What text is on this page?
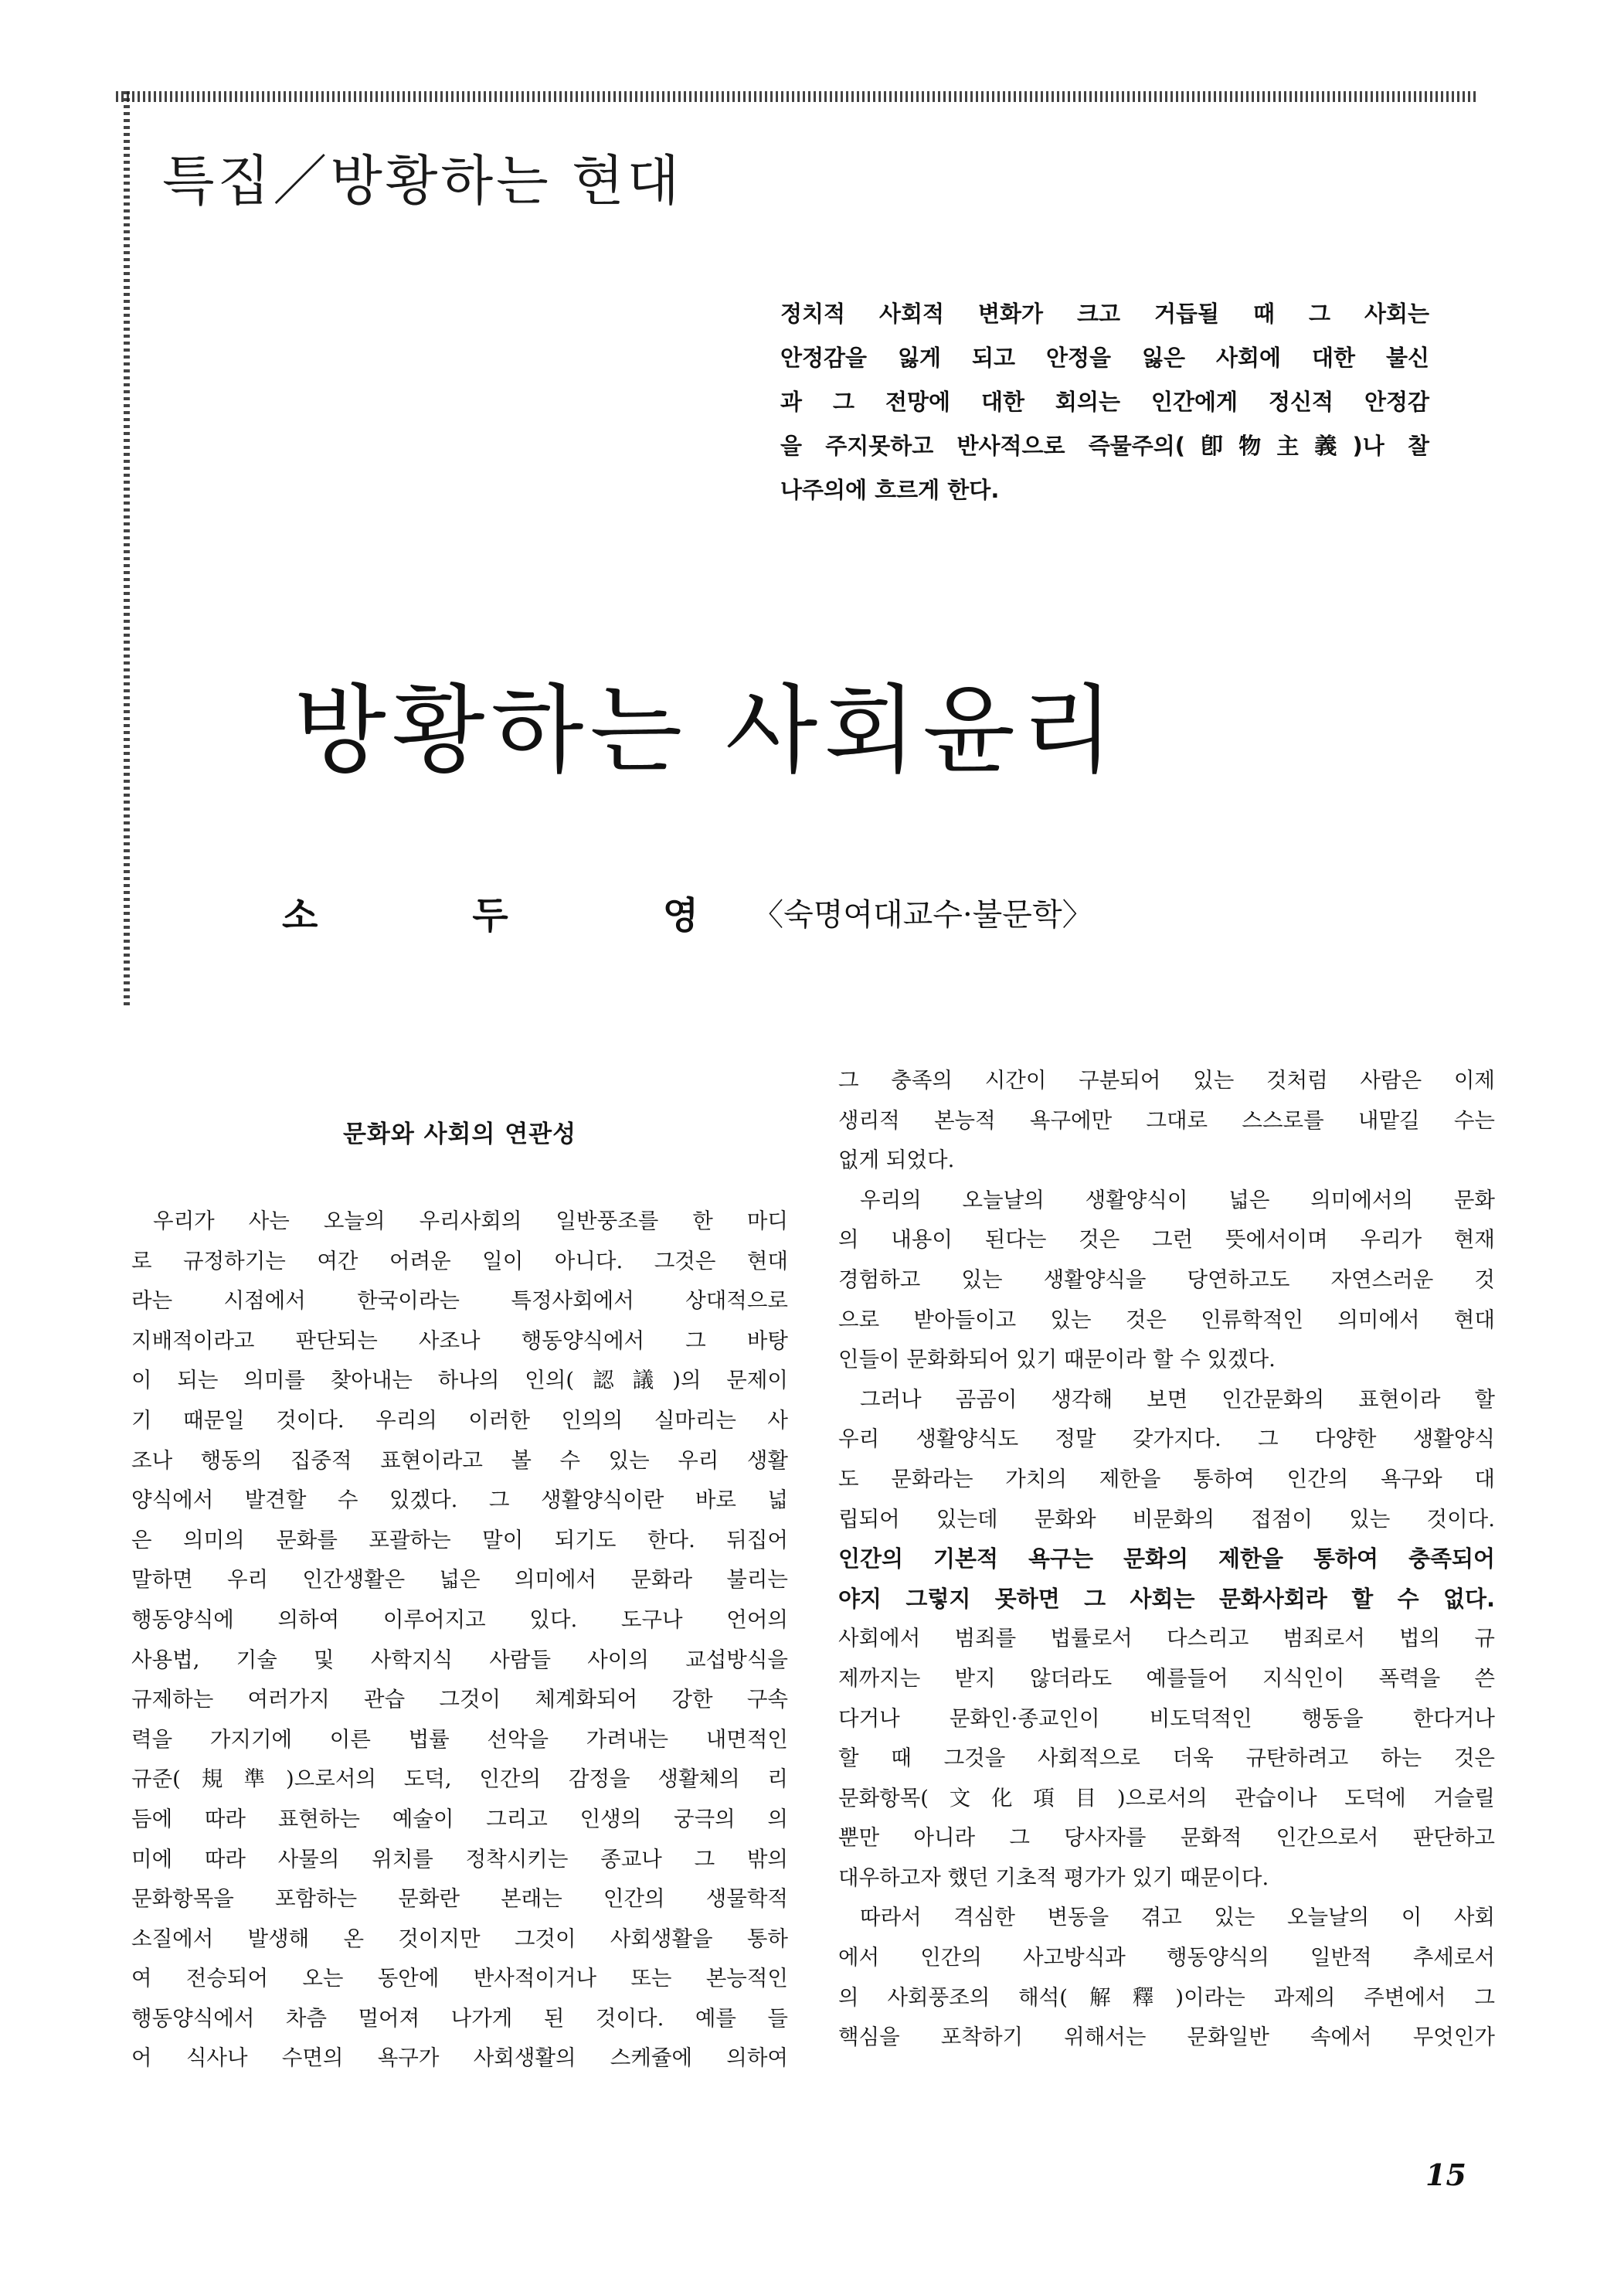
특집／방황하는 현대
정치적 사회적 변화가 크고 거듭될 때 그 사회는
안정감을 잃게 되고 안정을 잃은 사회에 대한 불신
과 그 전망에 대한 회의는 인간에게 정신적 안정감
을 주지못하고 반사적으로 즉물주의(卽物主義)나 찰
나주의에 흐르게 한다.
방황하는 사회윤리
소두영
〈숙명여대교수·불문학〉
문화와 사회의 연관성
우리가 사는 오늘의 우리사회의 일반풍조를 한 마디
로 규정하기는 여간 어려운 일이 아니다. 그것은 현대
라는 시점에서 한국이라는 특정사회에서 상대적으로
지배적이라고 판단되는 사조나 행동양식에서 그 바탕
이 되는 의미를 찾아내는 하나의 인의(認議)의 문제이
기 때문일 것이다. 우리의 이러한 인의의 실마리는 사
조나 행동의 집중적 표현이라고 볼 수 있는 우리 생활
양식에서 발견할 수 있겠다. 그 생활양식이란 바로 넓
은 의미의 문화를 포괄하는 말이 되기도 한다. 뒤집어
말하면 우리 인간생활은 넓은 의미에서 문화라 불리는
행동양식에 의하여 이루어지고 있다. 도구나 언어의
사용법, 기술 및 사학지식 사람들 사이의 교섭방식을
규제하는 여러가지 관습 그것이 체계화되어 강한 구속
력을 가지기에 이른 법률 선악을 가려내는 내면적인
규준(規準)으로서의 도덕, 인간의 감정을 생활체의 리
듬에 따라 표현하는 예술이 그리고 인생의 궁극의 의
미에 따라 사물의 위치를 정착시키는 종교나 그 밖의
문화항목을 포함하는 문화란 본래는 인간의 생물학적
소질에서 발생해 온 것이지만 그것이 사회생활을 통하
여 전승되어 오는 동안에 반사적이거나 또는 본능적인
행동양식에서 차츰 멀어져 나가게 된 것이다. 예를 들
어 식사나 수면의 욕구가 사회생활의 스케쥴에 의하여
그 충족의 시간이 구분되어 있는 것처럼 사람은 이제
생리적 본능적 욕구에만 그대로 스스로를 내맡길 수는
없게 되었다.
우리의 오늘날의 생활양식이 넓은 의미에서의 문화
의 내용이 된다는 것은 그런 뜻에서이며 우리가 현재
경험하고 있는 생활양식을 당연하고도 자연스러운 것
으로 받아들이고 있는 것은 인류학적인 의미에서 현대
인들이 문화화되어 있기 때문이라 할 수 있겠다.
그러나 곰곰이 생각해 보면 인간문화의 표현이라 할
우리 생활양식도 정말 갖가지다. 그 다양한 생활양식
도 문화라는 가치의 제한을 통하여 인간의 욕구와 대
립되어 있는데 문화와 비문화의 접점이 있는 것이다.
인간의 기본적 욕구는 문화의 제한을 통하여 충족되어
야지 그렇지 못하면 그 사회는 문화사회라 할 수 없다.
사회에서 범죄를 법률로서 다스리고 범죄로서 법의 규
제까지는 받지 않더라도 예를들어 지식인이 폭력을 쓴
다거나 문화인·종교인이 비도덕적인 행동을 한다거나
할 때 그것을 사회적으로 더욱 규탄하려고 하는 것은
문화항목(文化項目)으로서의 관습이나 도덕에 거슬릴
뿐만 아니라 그 당사자를 문화적 인간으로서 판단하고
대우하고자 했던 기초적 평가가 있기 때문이다.
따라서 격심한 변동을 겪고 있는 오늘날의 이 사회
에서 인간의 사고방식과 행동양식의 일반적 추세로서
의 사회풍조의 해석(解釋)이라는 과제의 주변에서 그
핵심을 포착하기 위해서는 문화일반 속에서 무엇인가
15
